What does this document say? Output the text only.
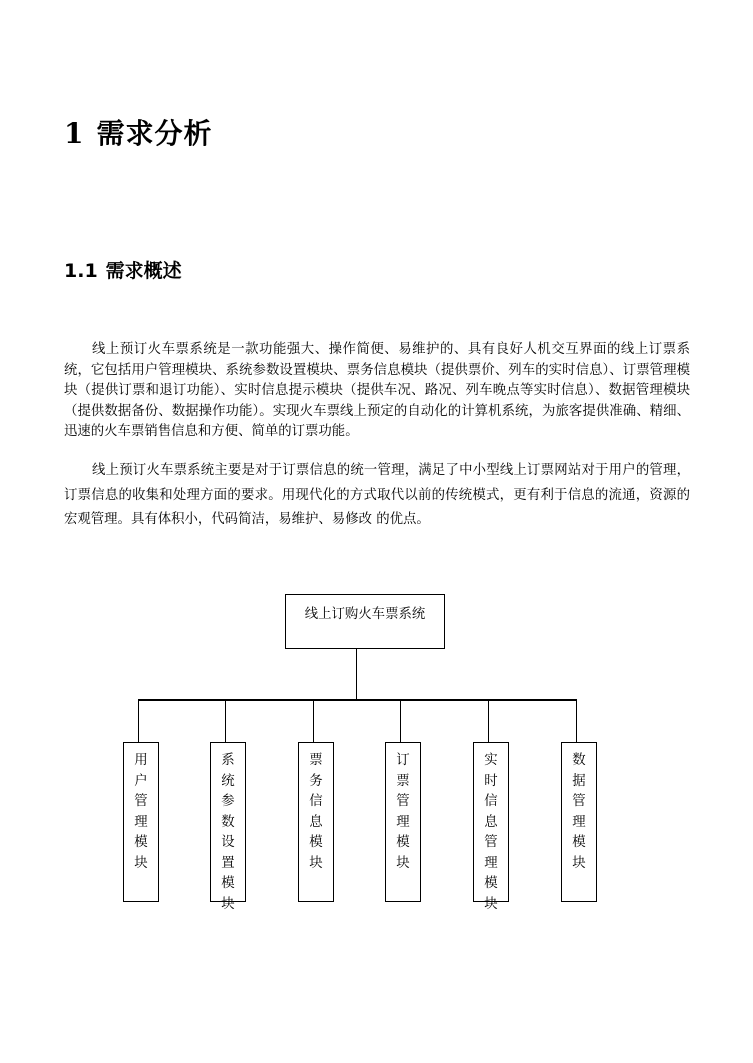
1 需求分析
1.1 需求概述

线上预订火车票系统是一款功能强大、操作简便、易维护的、具有良好人机交互界面的线上订票系统，它包括用户管理模块、系统参数设置模块、票务信息模块（提供票价、列车的实时信息）、订票管理模块（提供订票和退订功能）、实时信息提示模块（提供车况、路况、列车晚点等实时信息）、数据管理模块（提供数据备份、数据操作功能）。实现火车票线上预定的自动化的计算机系统，为旅客提供准确、精细、迅速的火车票销售信息和方便、简单的订票功能。

线上预订火车票系统主要是对于订票信息的统一管理，满足了中小型线上订票网站对于用户的管理，订票信息的收集和处理方面的要求。用现代化的方式取代以前的传统模式，更有利于信息的流通，资源的宏观管理。具有体积小，代码简洁，易维护、易修改 的优点。

线上订购火车票系统
用
户
管
理
模
块
系
统
参
数
设
置
模
块
票
务
信
息
模
块
订
票
管
理
模
块
实
时
信
息
管
理
模
块
数
据
管
理
模
块
